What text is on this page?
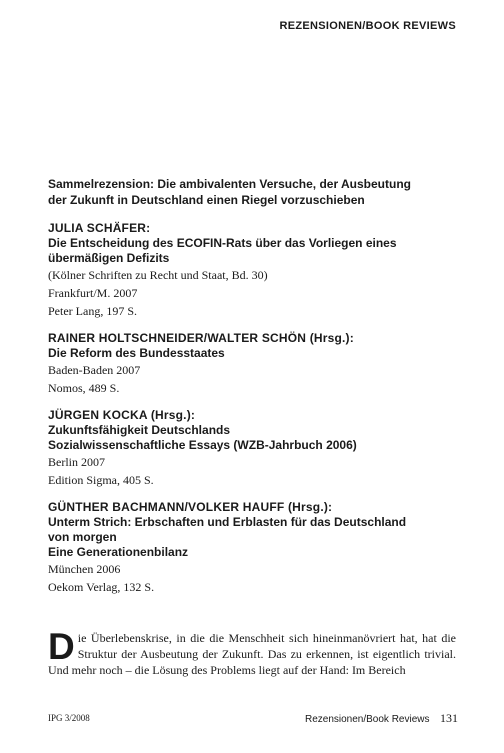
REZENSIONEN/BOOK REVIEWS
Sammelrezension: Die ambivalenten Versuche, der Ausbeutung
der Zukunft in Deutschland einen Riegel vorzuschieben
JULIA SCHÄFER:
Die Entscheidung des ECOFIN-Rats über das Vorliegen eines
übermäßigen Defizits
(Kölner Schriften zu Recht und Staat, Bd. 30)
Frankfurt/M. 2007
Peter Lang, 197 S.
RAINER HOLTSCHNEIDER/WALTER SCHÖN (Hrsg.):
Die Reform des Bundesstaates
Baden-Baden 2007
Nomos, 489 S.
JÜRGEN KOCKA (Hrsg.):
Zukunftsfähigkeit Deutschlands
Sozialwissenschaftliche Essays (WZB-Jahrbuch 2006)
Berlin 2007
Edition Sigma, 405 S.
GÜNTHER BACHMANN/VOLKER HAUFF (Hrsg.):
Unterm Strich: Erbschaften und Erblasten für das Deutschland
von morgen
Eine Generationenbilanz
München 2006
Oekom Verlag, 132 S.

Die Überlebenskrise, in die die Menschheit sich hineinmanövriert hat, hat die Struktur der Ausbeutung der Zukunft. Das zu erkennen, ist eigentlich trivial. Und mehr noch – die Lösung des Problems liegt auf der Hand: Im Bereich

IPG 3/2008	Rezensionen/Book Reviews 131
